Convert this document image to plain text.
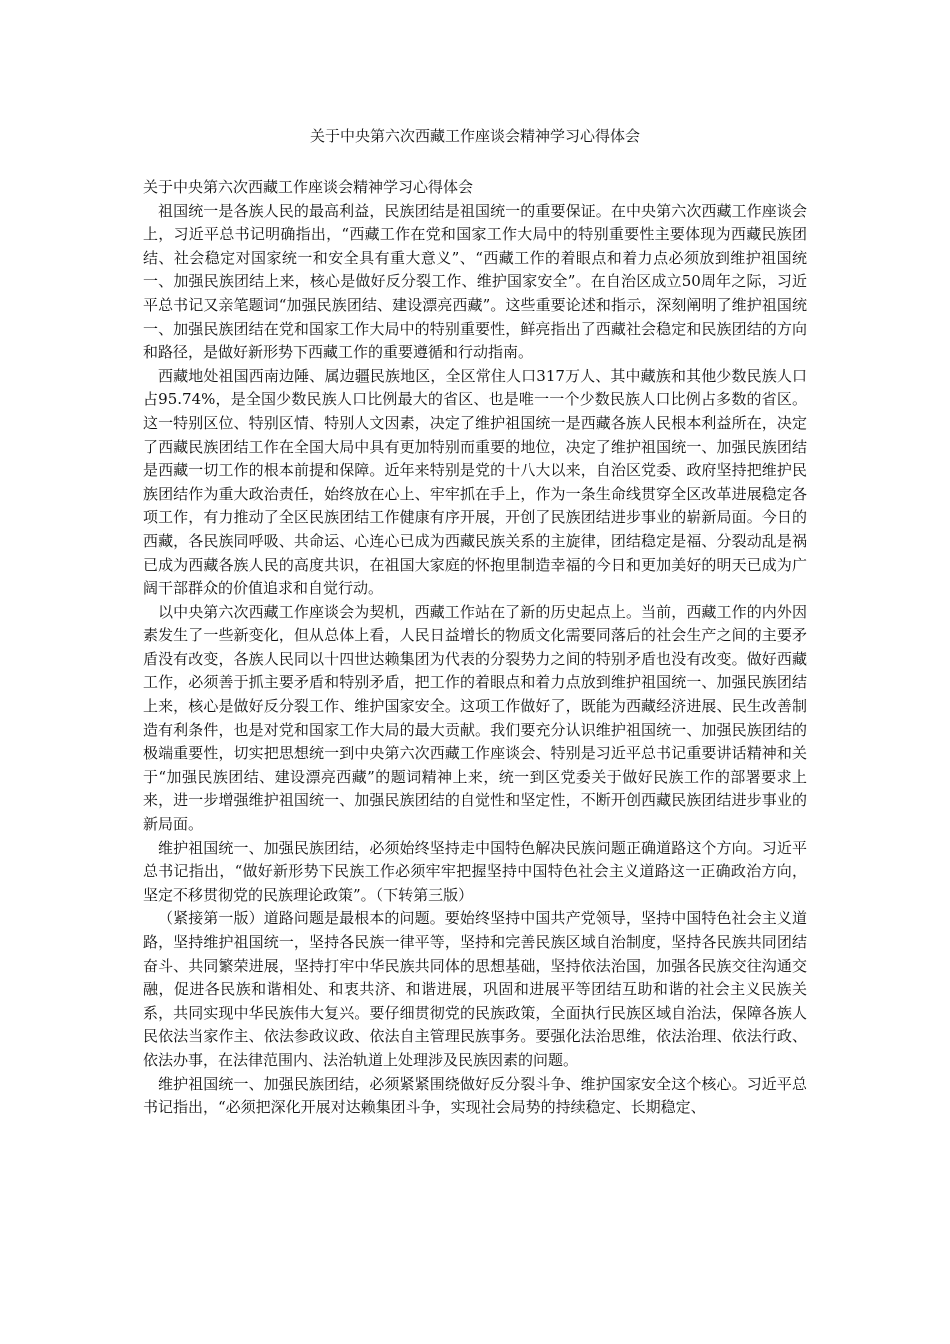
关于中央第六次西藏工作座谈会精神学习心得体会

关于中央第六次西藏工作座谈会精神学习心得体会

祖国统一是各族人民的最高利益，民族团结是祖国统一的重要保证。在中央第六次西藏工作座谈会上，习近平总书记明确指出，“西藏工作在党和国家工作大局中的特别重要性主要体现为西藏民族团结、社会稳定对国家统一和安全具有重大意义”、“西藏工作的着眼点和着力点必须放到维护祖国统一、加强民族团结上来，核心是做好反分裂工作、维护国家安全”。在自治区成立50周年之际，习近平总书记又亲笔题词“加强民族团结、建设漂亮西藏”。这些重要论述和指示，深刻阐明了维护祖国统一、加强民族团结在党和国家工作大局中的特别重要性，鲜亮指出了西藏社会稳定和民族团结的方向和路径，是做好新形势下西藏工作的重要遵循和行动指南。

西藏地处祖国西南边陲、属边疆民族地区，全区常住人口317万人、其中藏族和其他少数民族人口占95.74%，是全国少数民族人口比例最大的省区、也是唯一一个少数民族人口比例占多数的省区。这一特别区位、特别区情、特别人文因素，决定了维护祖国统一是西藏各族人民根本利益所在，决定了西藏民族团结工作在全国大局中具有更加特别而重要的地位，决定了维护祖国统一、加强民族团结是西藏一切工作的根本前提和保障。近年来特别是党的十八大以来，自治区党委、政府坚持把维护民族团结作为重大政治责任，始终放在心上、牢牢抓在手上，作为一条生命线贯穿全区改革进展稳定各项工作，有力推动了全区民族团结工作健康有序开展，开创了民族团结进步事业的崭新局面。今日的西藏，各民族同呼吸、共命运、心连心已成为西藏民族关系的主旋律，团结稳定是福、分裂动乱是祸已成为西藏各族人民的高度共识，在祖国大家庭的怀抱里制造幸福的今日和更加美好的明天已成为广阔干部群众的价值追求和自觉行动。

以中央第六次西藏工作座谈会为契机，西藏工作站在了新的历史起点上。当前，西藏工作的内外因素发生了一些新变化，但从总体上看，人民日益增长的物质文化需要同落后的社会生产之间的主要矛盾没有改变，各族人民同以十四世达赖集团为代表的分裂势力之间的特别矛盾也没有改变。做好西藏工作，必须善于抓主要矛盾和特别矛盾，把工作的着眼点和着力点放到维护祖国统一、加强民族团结上来，核心是做好反分裂工作、维护国家安全。这项工作做好了，既能为西藏经济进展、民生改善制造有利条件，也是对党和国家工作大局的最大贡献。我们要充分认识维护祖国统一、加强民族团结的极端重要性，切实把思想统一到中央第六次西藏工作座谈会、特别是习近平总书记重要讲话精神和关于“加强民族团结、建设漂亮西藏”的题词精神上来，统一到区党委关于做好民族工作的部署要求上来，进一步增强维护祖国统一、加强民族团结的自觉性和坚定性，不断开创西藏民族团结进步事业的新局面。

维护祖国统一、加强民族团结，必须始终坚持走中国特色解决民族问题正确道路这个方向。习近平总书记指出，“做好新形势下民族工作必须牢牢把握坚持中国特色社会主义道路这一正确政治方向，坚定不移贯彻党的民族理论政策”。（下转第三版）

（紧接第一版）道路问题是最根本的问题。要始终坚持中国共产党领导，坚持中国特色社会主义道路，坚持维护祖国统一，坚持各民族一律平等，坚持和完善民族区域自治制度，坚持各民族共同团结奋斗、共同繁荣进展，坚持打牢中华民族共同体的思想基础，坚持依法治国，加强各民族交往沟通交融，促进各民族和谐相处、和衷共济、和谐进展，巩固和进展平等团结互助和谐的社会主义民族关系，共同实现中华民族伟大复兴。要仔细贯彻党的民族政策，全面执行民族区域自治法，保障各族人民依法当家作主、依法参政议政、依法自主管理民族事务。要强化法治思维，依法治理、依法行政、依法办事，在法律范围内、法治轨道上处理涉及民族因素的问题。

维护祖国统一、加强民族团结，必须紧紧围绕做好反分裂斗争、维护国家安全这个核心。习近平总书记指出，“必须把深化开展对达赖集团斗争，实现社会局势的持续稳定、长期稳定、
